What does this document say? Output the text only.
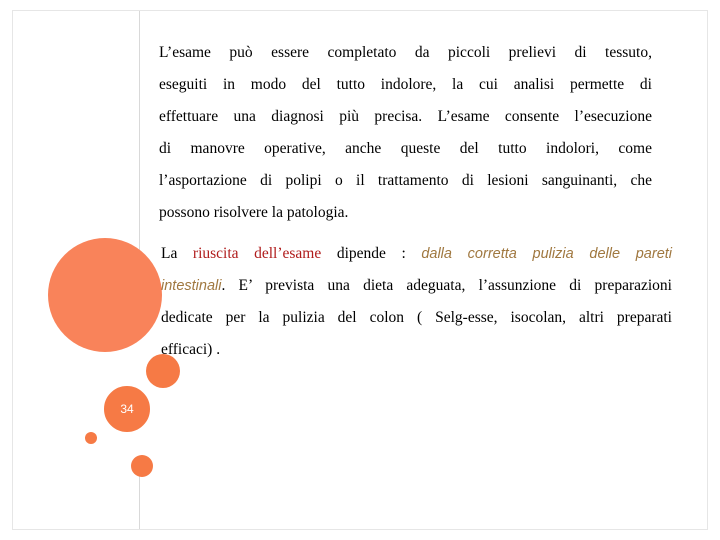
34
L’esame può essere completato da piccoli prelievi di tessuto,
eseguiti in modo del tutto indolore, la cui analisi permette di
effettuare una diagnosi più precisa. L’esame consente l’esecuzione
di manovre operative, anche queste del tutto indolori, come
l’asportazione di polipi o il trattamento di lesioni sanguinanti, che
possono risolvere la patologia.
La riuscita dell’esame dipende : dalla corretta pulizia delle pareti
intestinali. E’ prevista una dieta adeguata, l’assunzione di preparazioni
dedicate per la pulizia del colon ( Selg-esse, isocolan, altri preparati
efficaci) .
